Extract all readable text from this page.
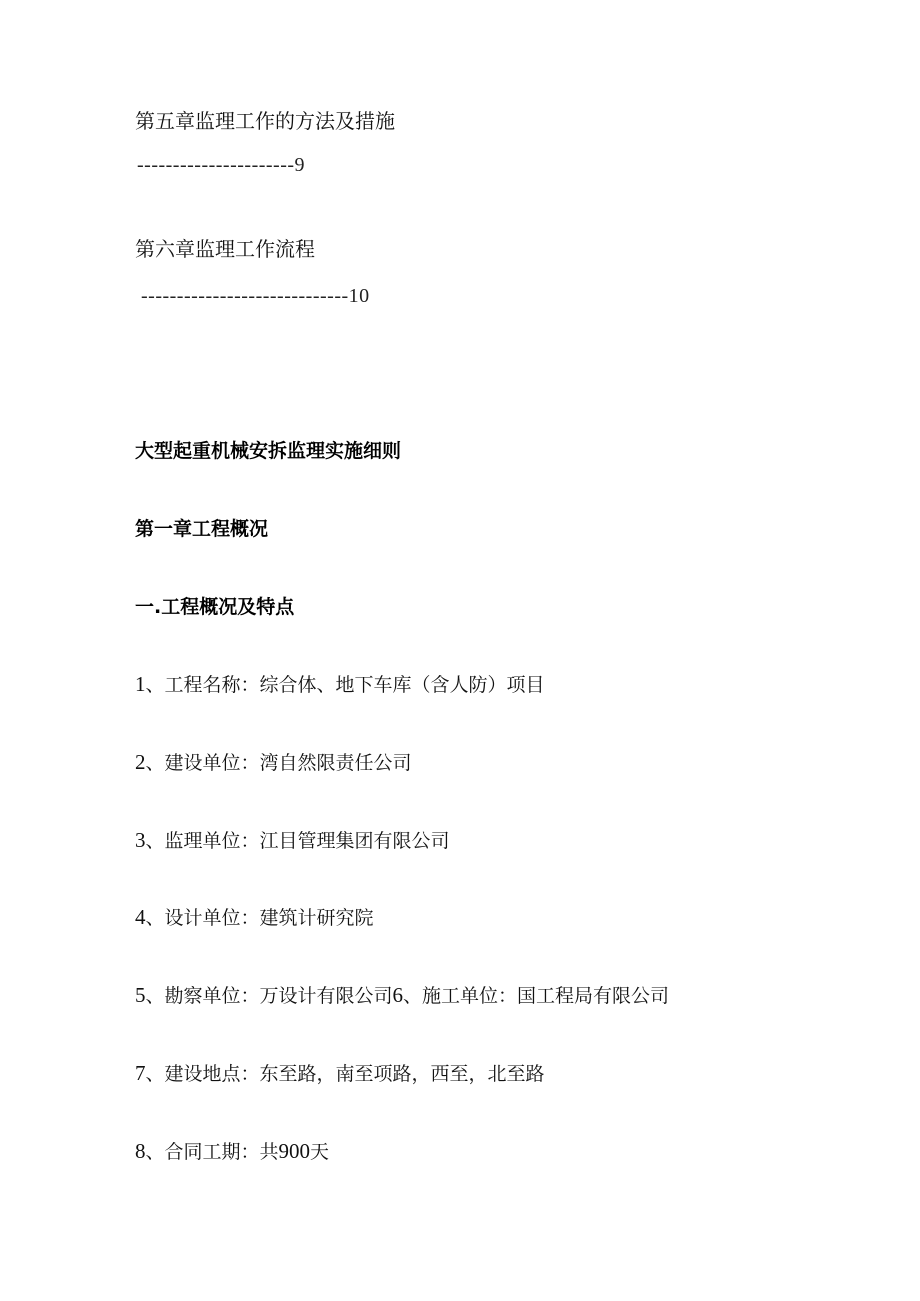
第五章监理工作的方法及措施
----------------------9
第六章监理工作流程
-----------------------------10
大型起重机械安拆监理实施细则
第一章工程概况
一.工程概况及特点
1、工程名称：综合体、地下车库（含人防）项目
2、建设单位：湾自然限责任公司
3、监理单位：江目管理集团有限公司
4、设计单位：建筑计研究院
5、勘察单位：万设计有限公司6、施工单位：国工程局有限公司
7、建设地点：东至路，南至项路，西至，北至路
8、合同工期：共900天
